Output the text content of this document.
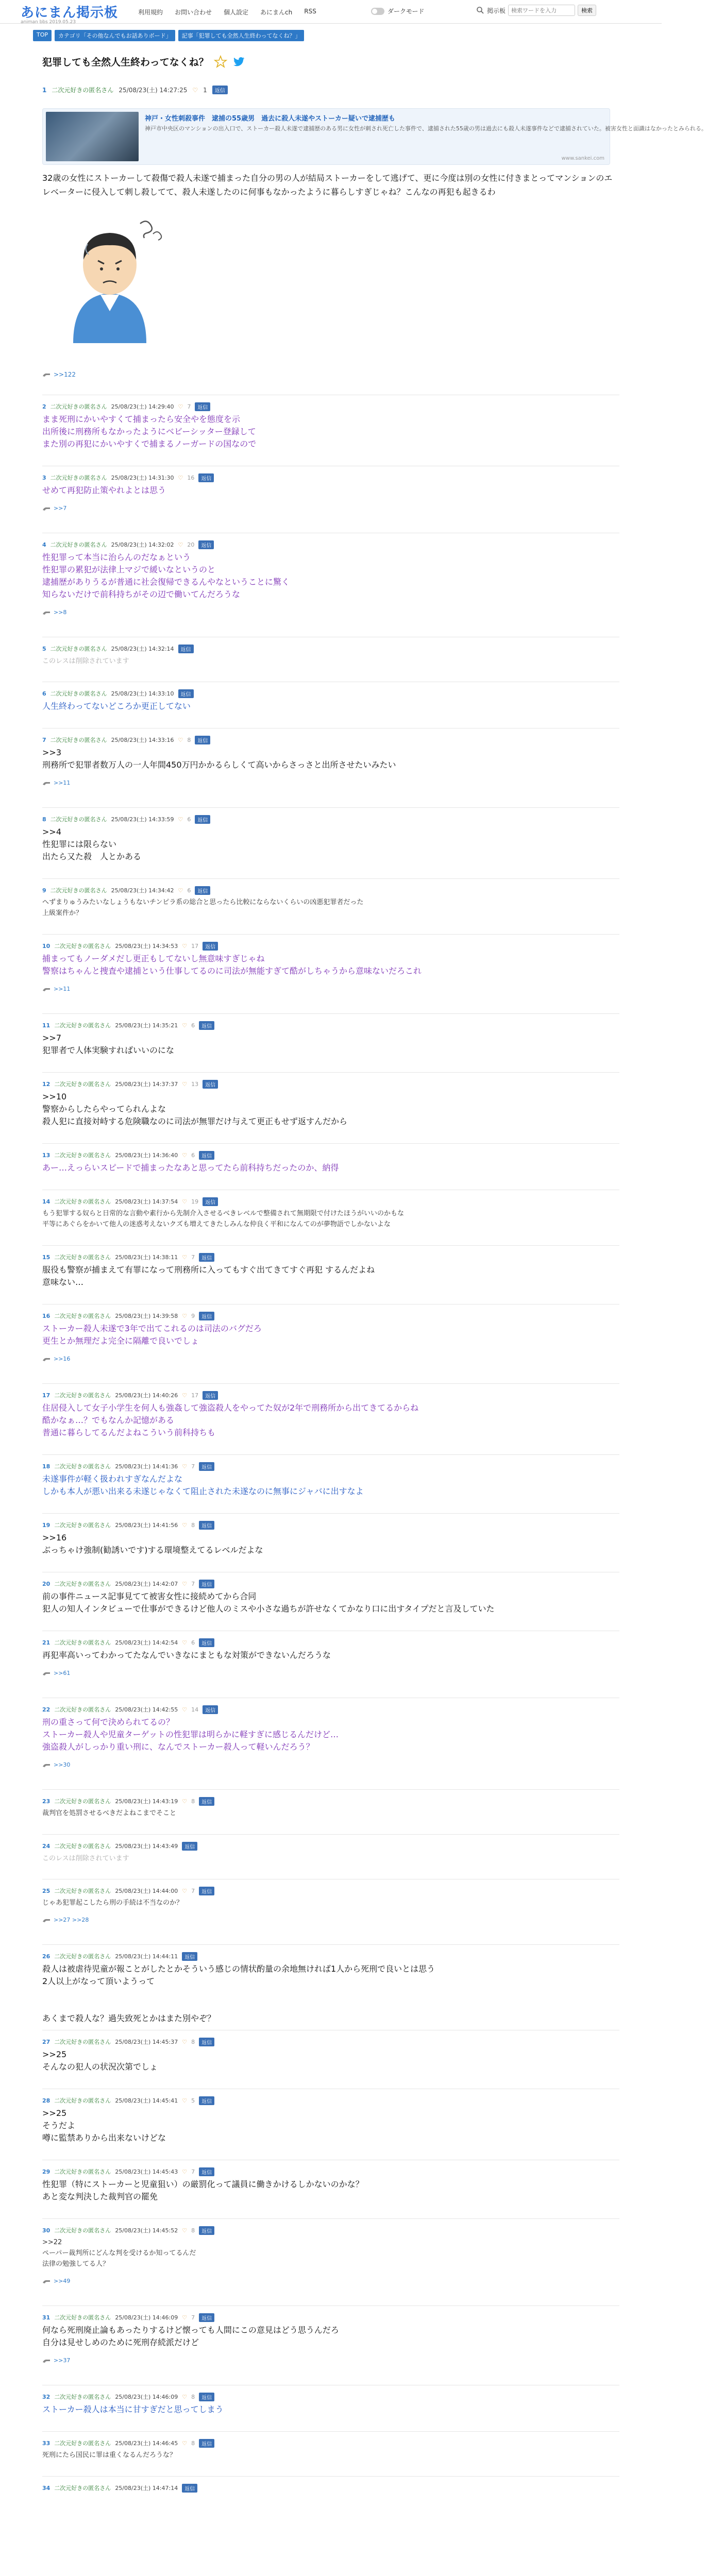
あにまん掲示板
animan bbs 2019.05.23
利用規約 お問い合わせ 個人設定 あにまんch RSS	ダークモード	掲示板
検索ワードを入力	検索
TOP	カテゴリ「その他なんでもお話ありボード」	記事「犯罪しても全然人生終わってなくね？」
犯罪しても全然人生終わってなくね？
1 二次元好きの匿名さん 25/08/23(土) 14:27:25 ♡ 1	返信
神戸・女性刺殺事件　逮捕の55歳男　過去に殺人未遂やストーカー疑いで逮捕歴も
神戸市中央区のマンションの出入口で、ストーカー殺人未遂で逮捕歴のある男に女性が刺され死亡した事件で、逮捕された55歳の男は過去にも殺人未遂事件などで逮捕されていた。被害女性と面識はなかったとみられる。
www.sankei.com
32歳の女性にストーカーして殺傷で殺人未遂で捕まった自分の男の人が結局ストーカーをして逃げて、更に今度は別の女性に付きまとってマンションのエレベーターに侵入して刺し殺してて、殺人未遂したのに何事もなかったように暮らしすぎじゃね？こんなの再犯も起きるわ
>>122
2 二次元好きの匿名さん 25/08/23(土) 14:29:40 ♡ 7	返信
まま死刑にかいやすくて捕まったら安全やを態度を示
出所後に刑務所もなかったようにベビーシッター登録して
また別の再犯にかいやすくで捕まるノーガードの国なので
3 二次元好きの匿名さん 25/08/23(土) 14:31:30 ♡ 16	返信
せめて再犯防止策やれよとは思う
>>7
4 二次元好きの匿名さん 25/08/23(土) 14:32:02 ♡ 20	返信
性犯罪って本当に治らんのだなぁという
性犯罪の累犯が法律上マジで緩いなというのと
逮捕歴がありうるが普通に社会復帰できるんやなということに驚く
知らないだけで前科持ちがその辺で働いてんだろうな
>>8
5 二次元好きの匿名さん 25/08/23(土) 14:32:14	返信
このレスは削除されています
6 二次元好きの匿名さん 25/08/23(土) 14:33:10	返信
人生終わってないどころか更正してない
7 二次元好きの匿名さん 25/08/23(土) 14:33:16 ♡ 8	返信
>>3
刑務所で犯罪者数万人の一人年間450万円かかるらしくて高いからさっさと出所させたいみたい
>>11
8 二次元好きの匿名さん 25/08/23(土) 14:33:59 ♡ 6	返信
>>4
性犯罪には限らない
出たら又た殺　人とかある
9 二次元好きの匿名さん 25/08/23(土) 14:34:42 ♡ 6	返信
へずまりゅうみたいなしょうもないチンピラ系の総合と思ったら比較にならないくらいの凶悪犯罪者だった
上級案件か？
10 二次元好きの匿名さん 25/08/23(土) 14:34:53 ♡ 17	返信
捕まってもノーダメだし更正もしてないし無意味すぎじゃね
警察はちゃんと捜査や逮捕という仕事してるのに司法が無能すぎて酷がしちゃうから意味ないだろこれ
>>11
11 二次元好きの匿名さん 25/08/23(土) 14:35:21 ♡ 6	返信
>>7
犯罪者で人体実験すればいいのにな
12 二次元好きの匿名さん 25/08/23(土) 14:37:37 ♡ 13	返信
>>10
警察からしたらやってられんよな
殺人犯に直接対峙する危険職なのに司法が無罪だけ与えて更正もせず返すんだから
13 二次元好きの匿名さん 25/08/23(土) 14:36:40 ♡ 6	返信
あー…えっらいスピードで捕まったなあと思ってたら前科持ちだったのか、納得
14 二次元好きの匿名さん 25/08/23(土) 14:37:54 ♡ 19	返信
もう犯罪する奴らと日常的な言動や素行から先制介入させるべきレベルで整備されて無期限で付けたほうがいいのかもな
平等にあぐらをかいて他人の迷惑考えないクズも増えてきたしみんな仲良く平和になんてのが夢物語でしかないよな
15 二次元好きの匿名さん 25/08/23(土) 14:38:11 ♡ 7	返信
服役も警察が捕まえて有罪になって刑務所に入ってもすぐ出てきてすぐ再犯 するんだよね
意味ない…
16 二次元好きの匿名さん 25/08/23(土) 14:39:58 ♡ 9	返信
ストーカー殺人未遂で3年で出てこれるのは司法のバグだろ
更生とか無理だよ完全に隔離で良いでしょ
>>16
17 二次元好きの匿名さん 25/08/23(土) 14:40:26 ♡ 17	返信
住居侵入して女子小学生を何人も強姦して強盗殺人をやってた奴が2年で刑務所から出てきてるからね
酷かなぁ…？でもなんか記憶がある
普通に暮らしてるんだよねこういう前科持ちも
18 二次元好きの匿名さん 25/08/23(土) 14:41:36 ♡ 7	返信
未遂事件が軽く扱われすぎなんだよな
しかも本人が悪い出来る未遂じゃなくて阻止された未遂なのに無事にジャバに出すなよ
19 二次元好きの匿名さん 25/08/23(土) 14:41:56 ♡ 8	返信
>>16
ぶっちゃけ強制(勧誘いです)する環境整えてるレベルだよな
20 二次元好きの匿名さん 25/08/23(土) 14:42:07 ♡ 7	返信
前の事件ニュース記事見てて被害女性に接続めてから合同
犯人の知人インタビューで仕事ができるけど他人のミスや小さな過ちが許せなくてかなり口に出すタイプだと言及していた
21 二次元好きの匿名さん 25/08/23(土) 14:42:54 ♡ 6	返信
再犯率高いってわかってたなんでいきなにまともな対策ができないんだろうな
>>61
22 二次元好きの匿名さん 25/08/23(土) 14:42:55 ♡ 14	返信
刑の重さって何で決められてるの？
ストーカー殺人や児童ターゲットの性犯罪は明らかに軽すぎに感じるんだけど…
強盗殺人がしっかり重い刑に、なんでストーカー殺人って軽いんだろう？
>>30
23 二次元好きの匿名さん 25/08/23(土) 14:43:19 ♡ 8	返信
裁判官を処罰させるべきだよねこまでそこと
24 二次元好きの匿名さん 25/08/23(土) 14:43:49	返信
このレスは削除されています
25 二次元好きの匿名さん 25/08/23(土) 14:44:00 ♡ 7	返信
じゃあ犯罪起こしたら刑の手続は不当なのか？
>>27 >>28
26 二次元好きの匿名さん 25/08/23(土) 14:44:11	返信
殺人は被虐待児童が報ことがしたとかそういう感じの情状酌量の余地無ければ1人から死刑で良いとは思う
2人以上がなって頂いようって
あくまで殺人な？過失致死とかはまた別やぞ？
27 二次元好きの匿名さん 25/08/23(土) 14:45:37 ♡ 8	返信
>>25
そんなの犯人の状況次第でしょ
28 二次元好きの匿名さん 25/08/23(土) 14:45:41 ♡ 5	返信
>>25
そうだよ
噂に監禁ありから出来ないけどな
29 二次元好きの匿名さん 25/08/23(土) 14:45:43 ♡ 7	返信
性犯罪（特にストーカーと児童狙い）の厳罰化って議員に働きかけるしかないのかな？
あと変な判決した裁判官の罷免
30 二次元好きの匿名さん 25/08/23(土) 14:45:52 ♡ 8	返信
>>22
ペーパー裁判所にどんな判を受けるか知ってるんだ
法律の勉強してる人？
>>49
31 二次元好きの匿名さん 25/08/23(土) 14:46:09 ♡ 7	返信
何なら死刑廃止論もあったりするけど懐っても人間にこの意見はどう思うんだろ
自分は見せしめのために死刑存続派だけど
>>37
32 二次元好きの匿名さん 25/08/23(土) 14:46:09 ♡ 8	返信
ストーカー殺人は本当に甘すぎだと思ってしまう
33 二次元好きの匿名さん 25/08/23(土) 14:46:45 ♡ 8	返信
死刑にたら国民に罪は重くなるんだろうな？
34 二次元好きの匿名さん 25/08/23(土) 14:47:14	返信
